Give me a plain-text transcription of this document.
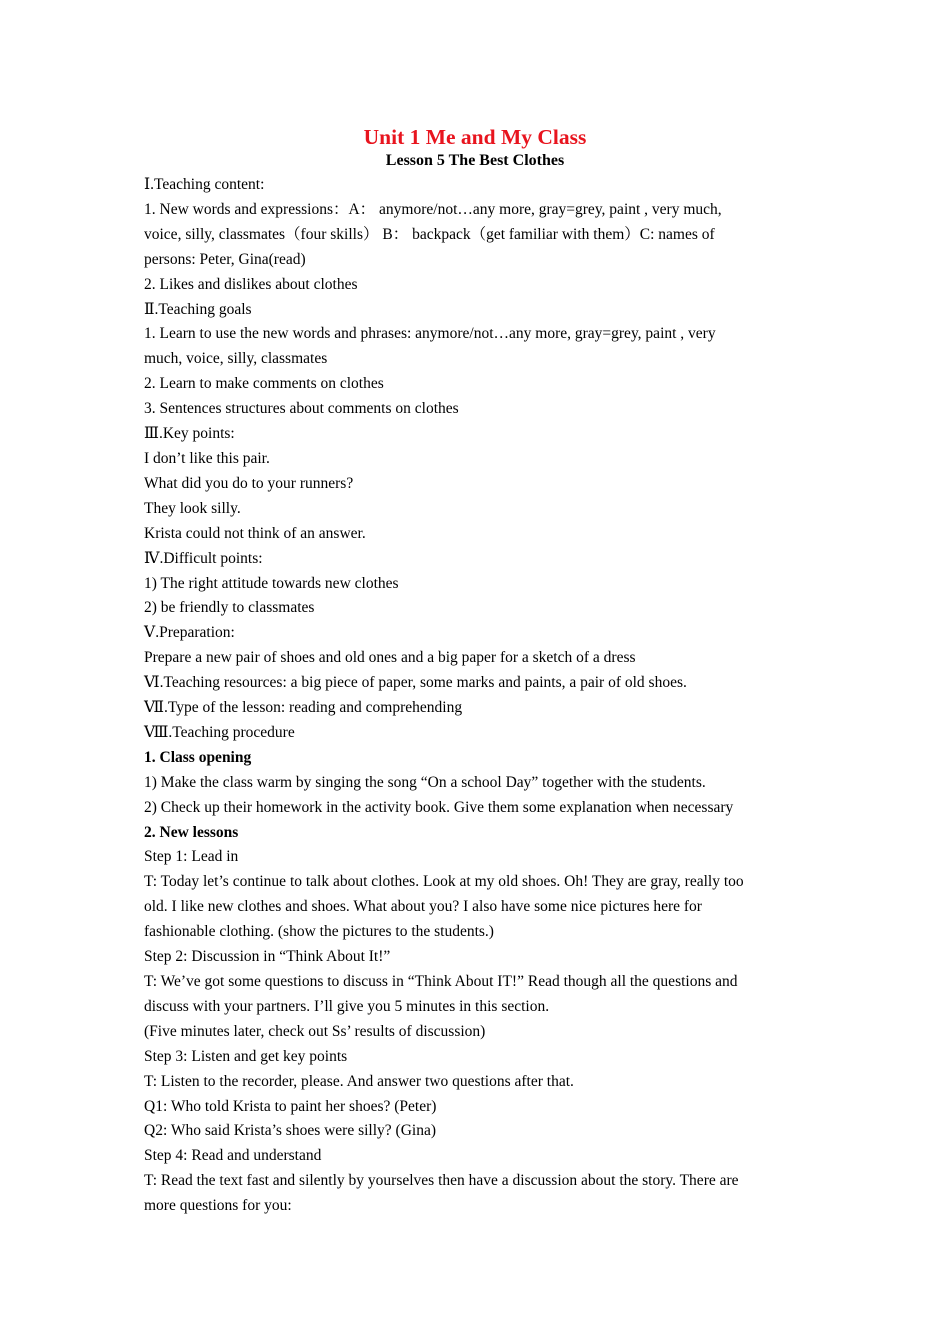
Unit 1 Me and My Class
Lesson 5 The Best Clothes

Ⅰ.Teaching content:

1. New words and expressions：A： anymore/not…any more, gray=grey, paint , very much,

voice, silly, classmates（four skills） B： backpack（get familiar with them）C: names of

persons: Peter, Gina(read)

2. Likes and dislikes about clothes

Ⅱ.Teaching goals

1. Learn to use the new words and phrases: anymore/not…any more, gray=grey, paint , very

much, voice, silly, classmates

2. Learn to make comments on clothes

3. Sentences structures about comments on clothes

Ⅲ.Key points:

I don’t like this pair.

What did you do to your runners?

They look silly.

Krista could not think of an answer.

Ⅳ.Difficult points:

1) The right attitude towards new clothes

2) be friendly to classmates

Ⅴ.Preparation:

Prepare a new pair of shoes and old ones and a big paper for a sketch of a dress

Ⅵ.Teaching resources: a big piece of paper, some marks and paints, a pair of old shoes.

Ⅶ.Type of the lesson: reading and comprehending

Ⅷ.Teaching procedure

1. Class opening

1) Make the class warm by singing the song “On a school Day” together with the students.

2) Check up their homework in the activity book. Give them some explanation when necessary

2. New lessons

Step 1: Lead in

T: Today let’s continue to talk about clothes. Look at my old shoes. Oh! They are gray, really too

old. I like new clothes and shoes. What about you? I also have some nice pictures here for

fashionable clothing. (show the pictures to the students.)

Step 2: Discussion in “Think About It!”

T: We’ve got some questions to discuss in “Think About IT!” Read though all the questions and

discuss with your partners. I’ll give you 5 minutes in this section.

(Five minutes later, check out Ss’ results of discussion)

Step 3: Listen and get key points

T: Listen to the recorder, please. And answer two questions after that.

Q1: Who told Krista to paint her shoes? (Peter)

Q2: Who said Krista’s shoes were silly? (Gina)

Step 4: Read and understand

T: Read the text fast and silently by yourselves then have a discussion about the story. There are

more questions for you:
